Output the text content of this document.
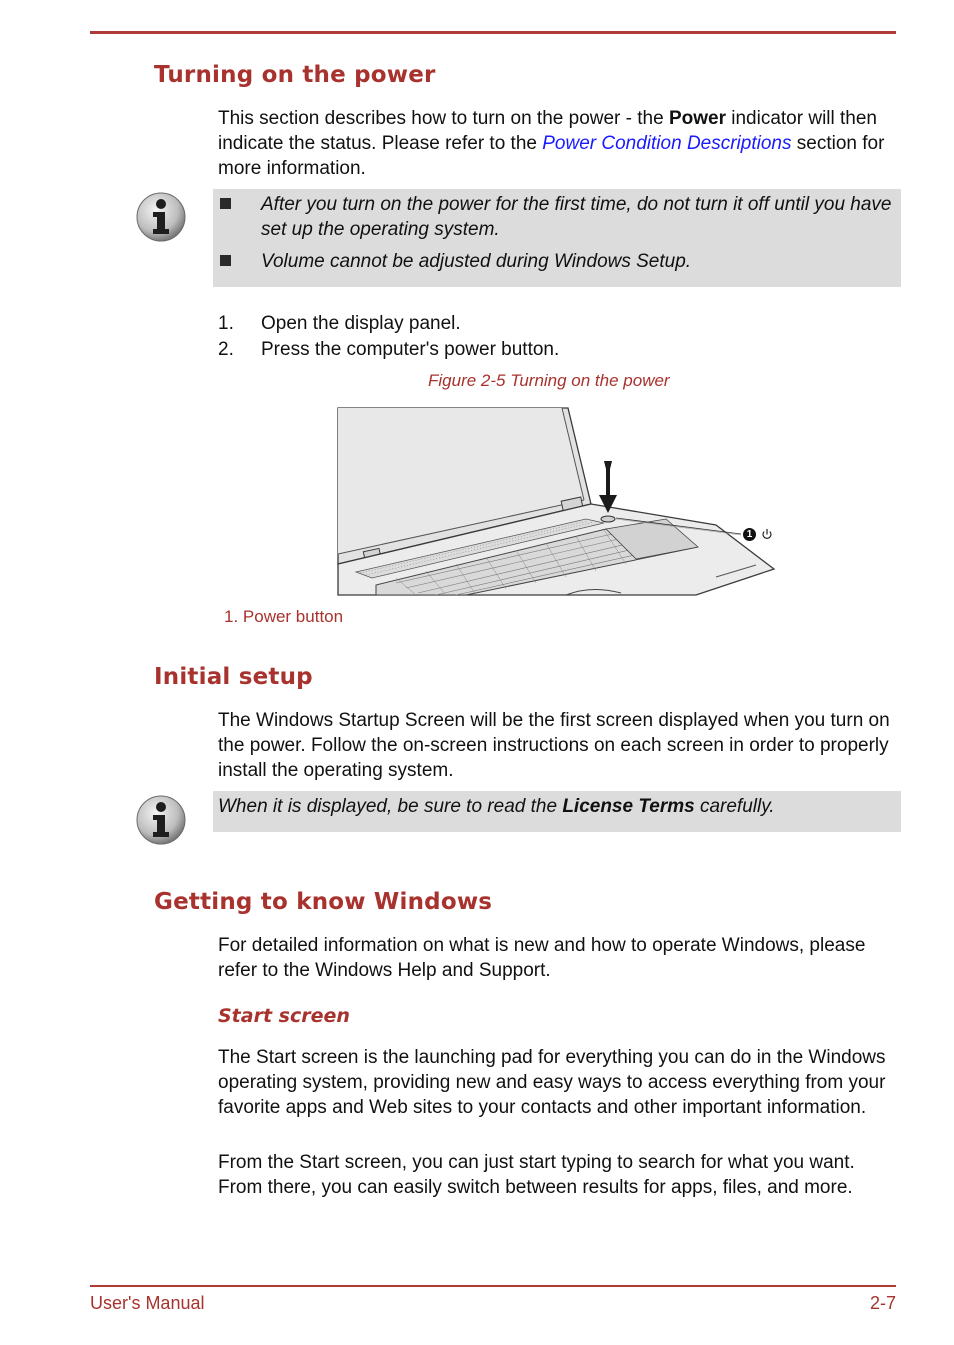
Turning on the power

This section describes how to turn on the power - the Power indicator will then indicate the status. Please refer to the Power Condition Descriptions section for more information.

After you turn on the power for the first time, do not turn it off until you have set up the operating system.
Volume cannot be adjusted during Windows Setup.
1. Open the display panel.
2. Press the computer's power button.
Figure 2-5 Turning on the power
1
1. Power button
Initial setup

The Windows Startup Screen will be the first screen displayed when you turn on the power. Follow the on-screen instructions on each screen in order to properly install the operating system.

When it is displayed, be sure to read the License Terms carefully.
Getting to know Windows

For detailed information on what is new and how to operate Windows, please refer to the Windows Help and Support.

Start screen

The Start screen is the launching pad for everything you can do in the Windows operating system, providing new and easy ways to access everything from your favorite apps and Web sites to your contacts and other important information.

From the Start screen, you can just start typing to search for what you want. From there, you can easily switch between results for apps, files, and more.

User's Manual	2-7
